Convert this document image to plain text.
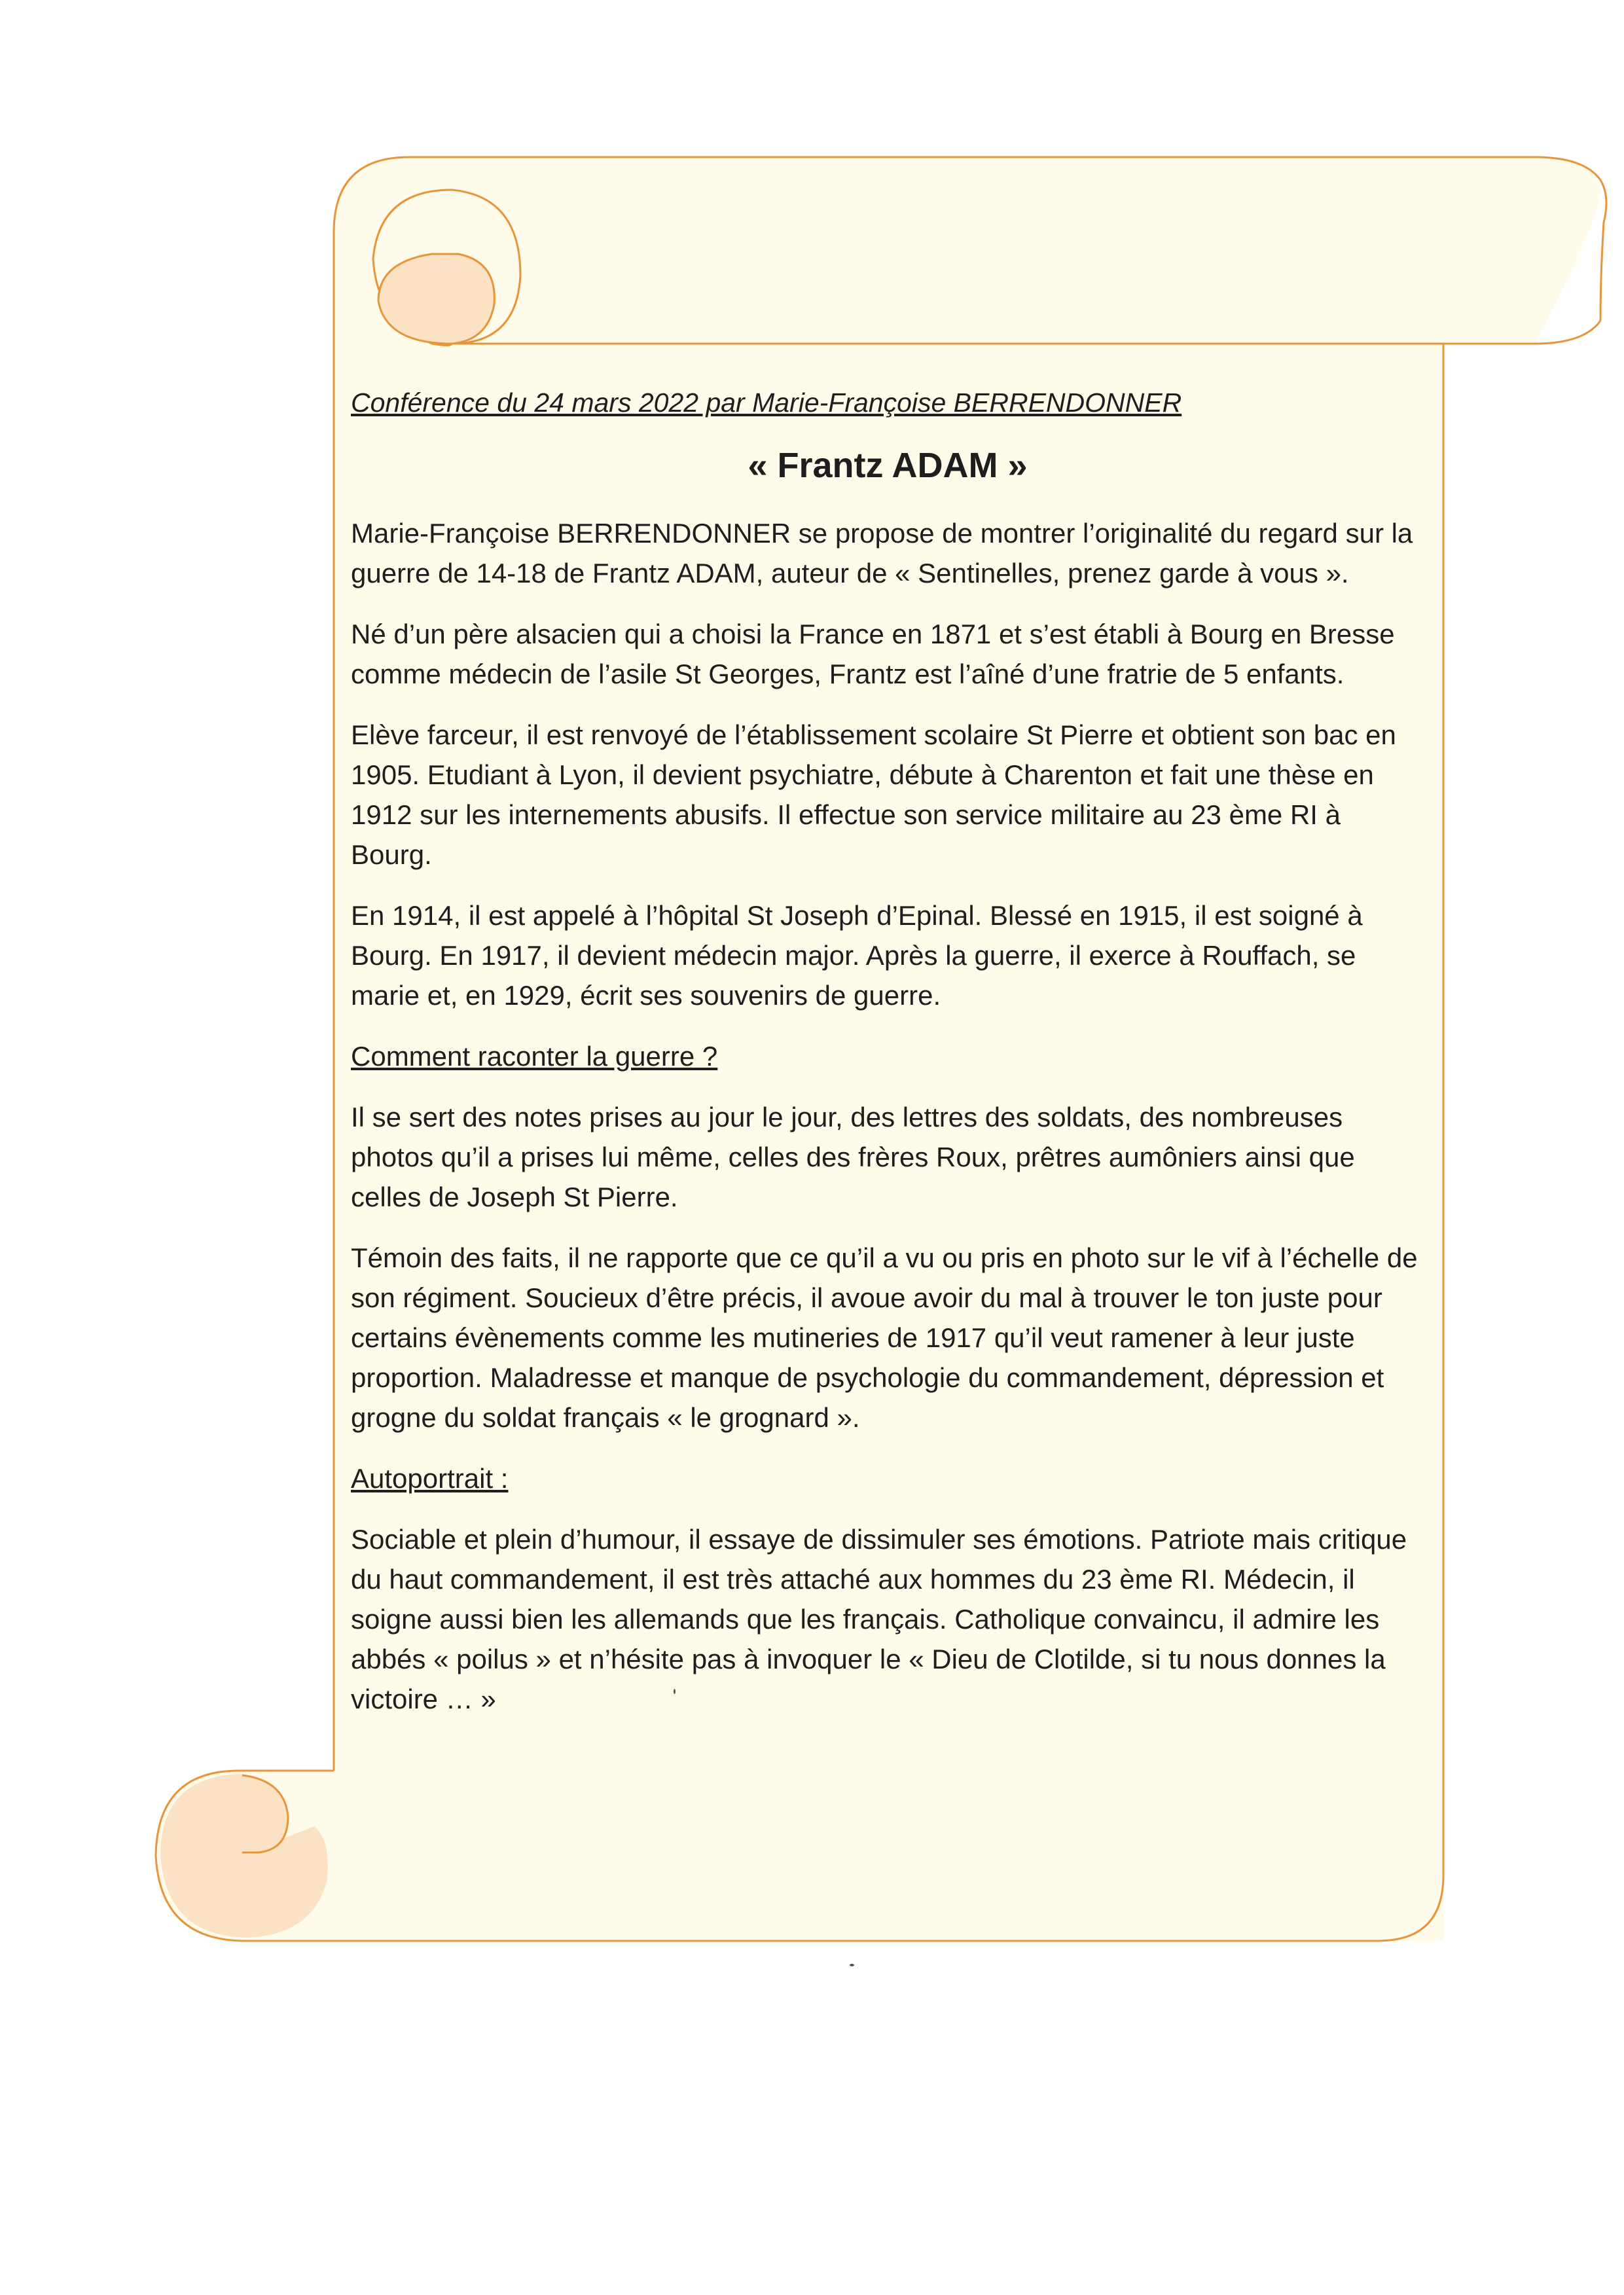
Conférence du 24 mars 2022 par Marie-Françoise BERRENDONNER

« Frantz ADAM »

Marie-Françoise BERRENDONNER se propose de montrer l’originalité du regard sur la guerre de 14-18 de Frantz ADAM, auteur de « Sentinelles, prenez garde à vous ».

Né d’un père alsacien qui a choisi la France en 1871 et s’est établi à Bourg en Bresse comme médecin de l’asile St Georges, Frantz est l’aîné d’une fratrie de 5 enfants.

Elève farceur, il est renvoyé de l’établissement scolaire St Pierre et obtient son bac en 1905. Etudiant à Lyon, il devient psychiatre, débute à Charenton et fait une thèse en 1912 sur les internements abusifs. Il effectue son service militaire au 23 ème RI à Bourg.

En 1914, il est appelé à l’hôpital St Joseph d’Epinal. Blessé en 1915, il est soigné à Bourg. En 1917, il devient médecin major. Après la guerre, il exerce à Rouffach, se marie et, en 1929, écrit ses souvenirs de guerre.

Comment raconter la guerre ?

Il se sert des notes prises au jour le jour, des lettres des soldats, des nombreuses photos qu’il a prises lui même, celles des frères Roux, prêtres aumôniers ainsi que celles de Joseph St Pierre.

Témoin des faits, il ne rapporte que ce qu’il a vu ou pris en photo sur le vif à l’échelle de son régiment. Soucieux d’être précis, il avoue avoir du mal à trouver le ton juste pour certains évènements comme les mutineries de 1917 qu’il veut ramener à leur juste proportion. Maladresse et manque de psychologie du commandement, dépression et grogne du soldat français « le grognard ».

Autoportrait :

Sociable et plein d’humour, il essaye de dissimuler ses émotions. Patriote mais critique du haut commandement, il est très attaché aux hommes du 23 ème RI. Médecin, il soigne aussi bien les allemands que les français. Catholique convaincu, il admire les abbés « poilus » et n’hésite pas à invoquer le « Dieu de Clotilde, si tu nous donnes la victoire … »
